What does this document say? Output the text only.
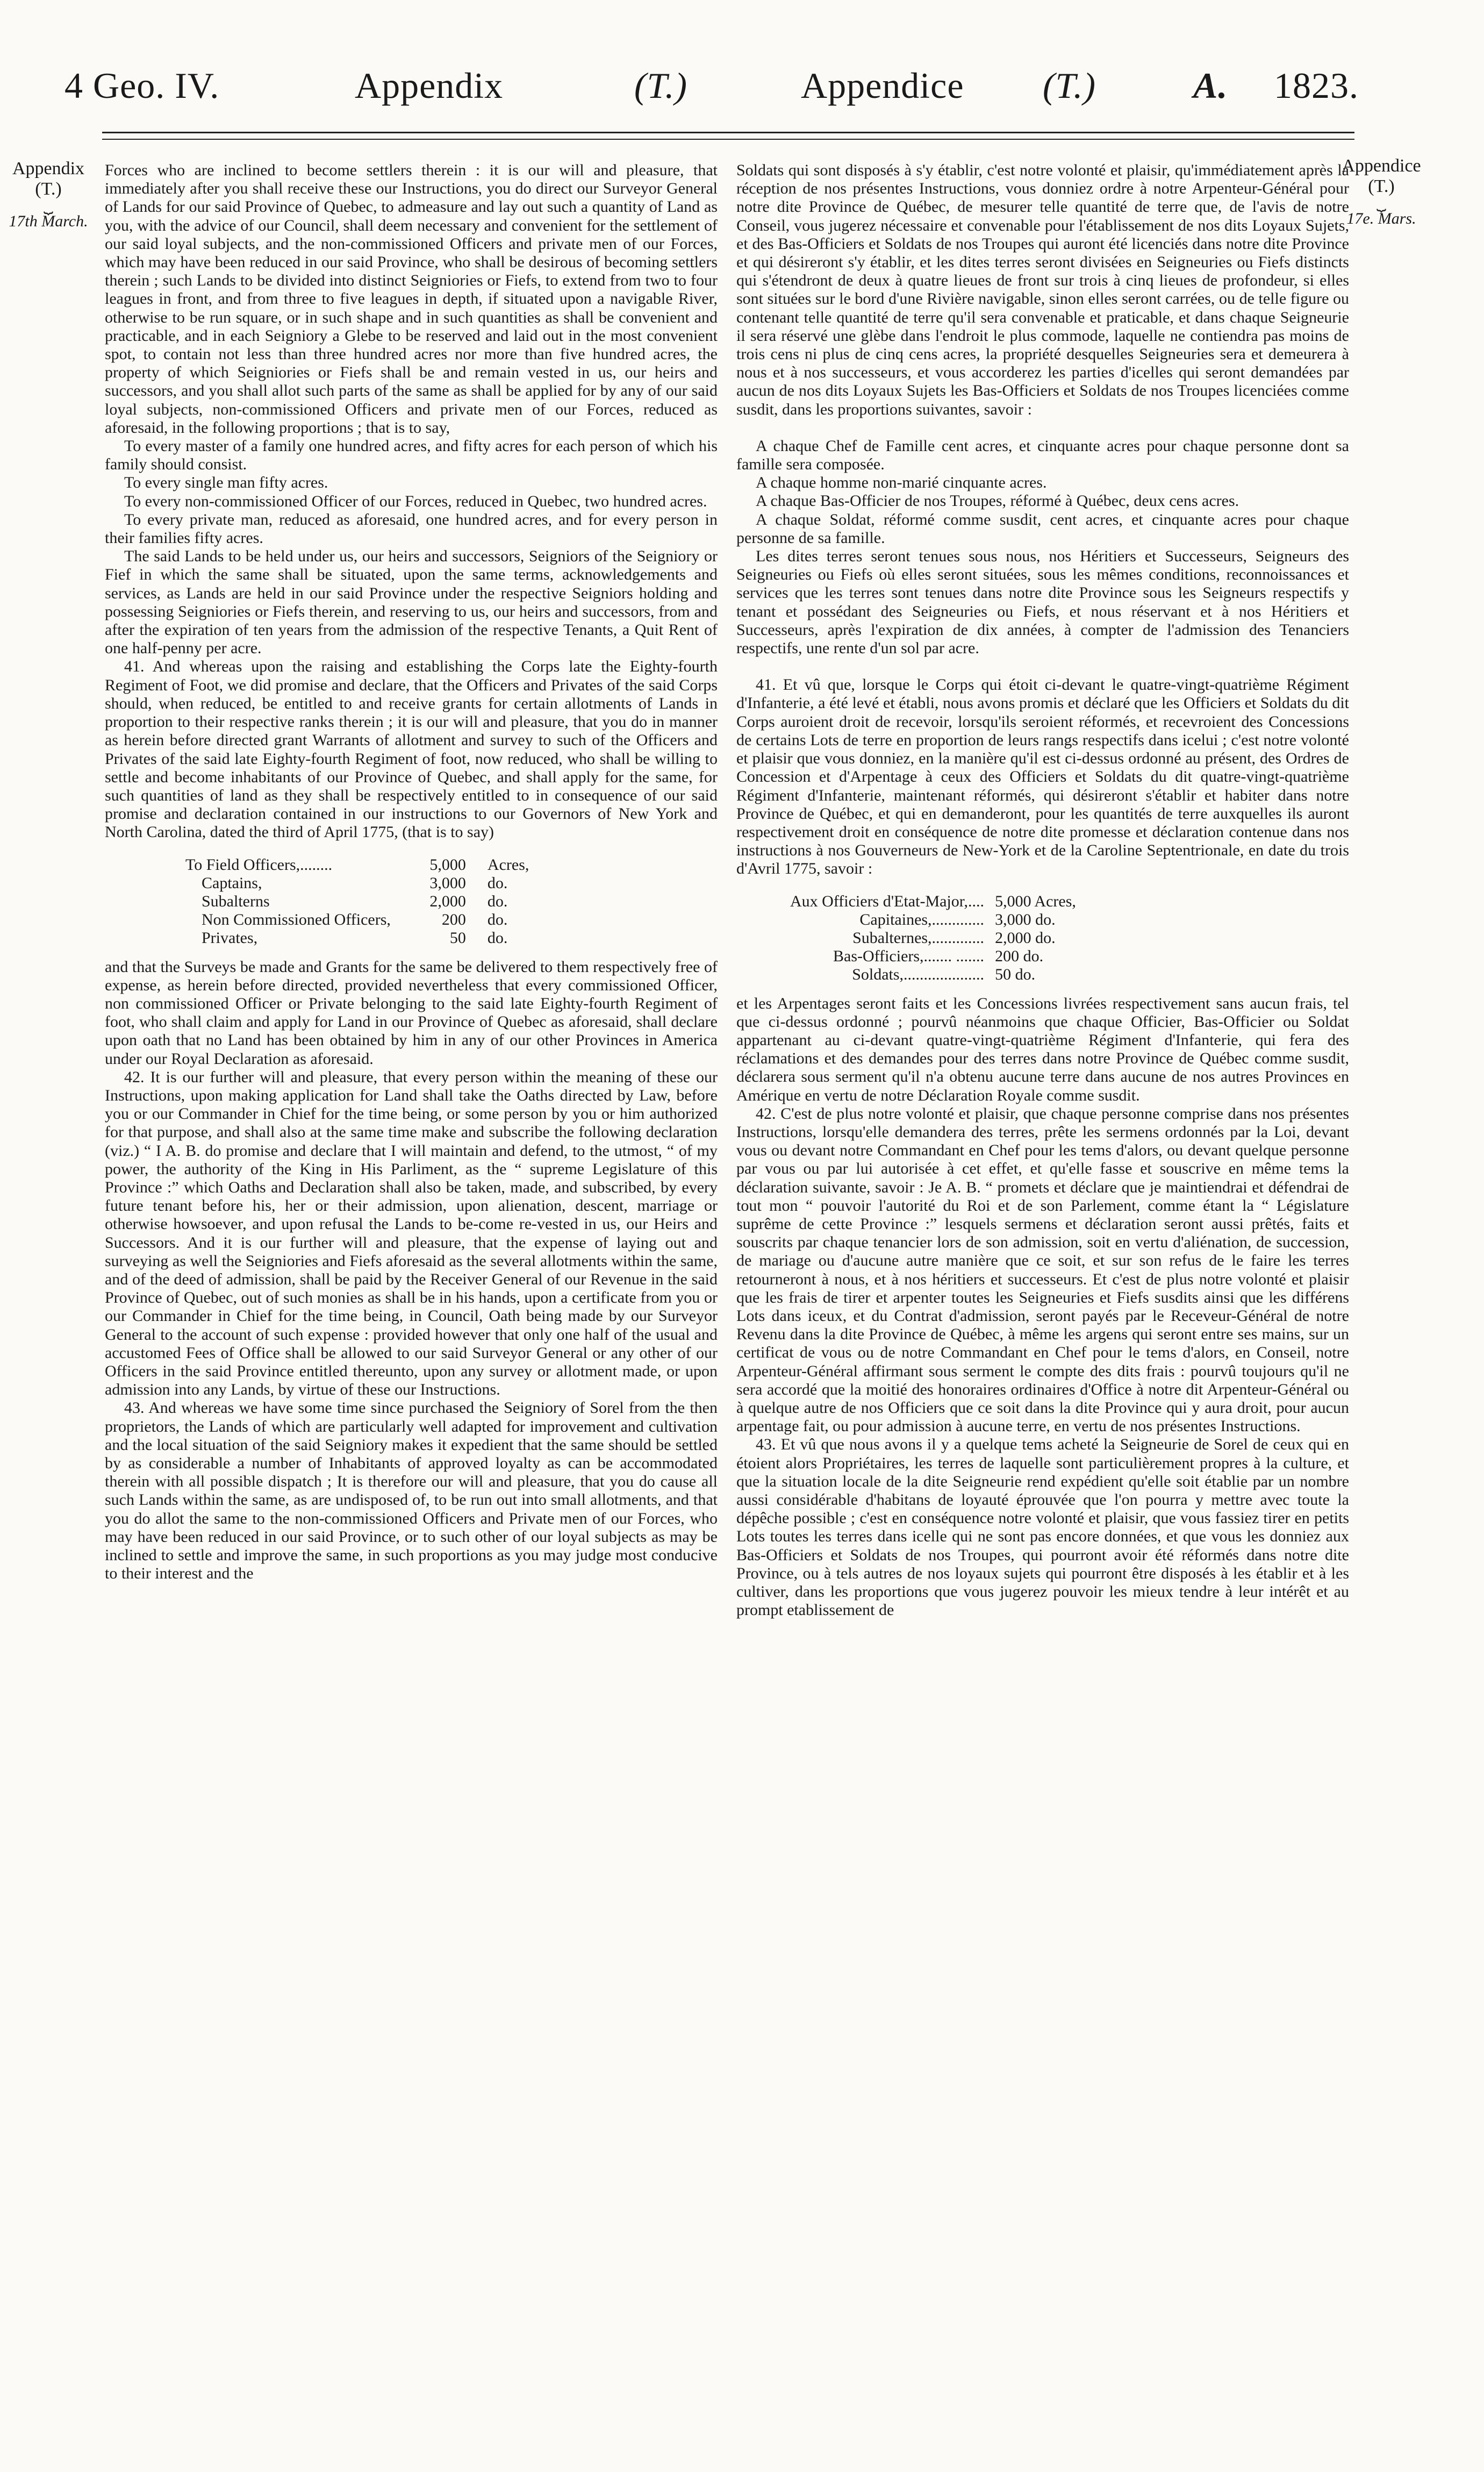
4 Geo. IV.	Appendix	(T.)	Appendice (T.)	A. 1823.
Appendix
(T.)
⏟
17th March.
Appendice
(T.)
⏟
17e. Mars.

Forces who are inclined to become settlers therein : it is our will and pleasure, that immediately after you shall receive these our Instructions, you do direct our Surveyor General of Lands for our said Province of Quebec, to admeasure and lay out such a quantity of Land as you, with the advice of our Council, shall deem necessary and convenient for the settlement of our said loyal subjects, and the non-commissioned Officers and private men of our Forces, which may have been reduced in our said Province, who shall be desirous of becoming settlers therein ; such Lands to be divided into distinct Seigniories or Fiefs, to extend from two to four leagues in front, and from three to five leagues in depth, if situated upon a navigable River, otherwise to be run square, or in such shape and in such quantities as shall be convenient and practicable, and in each Seigniory a Glebe to be reserved and laid out in the most convenient spot, to contain not less than three hundred acres nor more than five hundred acres, the property of which Seigniories or Fiefs shall be and remain vested in us, our heirs and successors, and you shall allot such parts of the same as shall be applied for by any of our said loyal subjects, non-commissioned Officers and private men of our Forces, reduced as aforesaid, in the following proportions ; that is to say,

To every master of a family one hundred acres, and fifty acres for each person of which his family should consist.

To every single man fifty acres.

To every non-commissioned Officer of our Forces, reduced in Quebec, two hundred acres.

To every private man, reduced as aforesaid, one hundred acres, and for every person in their families fifty acres.

The said Lands to be held under us, our heirs and successors, Seigniors of the Seigniory or Fief in which the same shall be situated, upon the same terms, acknowledgements and services, as Lands are held in our said Province under the respective Seigniors holding and possessing Seigniories or Fiefs therein, and reserving to us, our heirs and successors, from and after the expiration of ten years from the admission of the respective Tenants, a Quit Rent of one half-penny per acre.

41. And whereas upon the raising and establishing the Corps late the Eighty-fourth Regiment of Foot, we did promise and declare, that the Officers and Privates of the said Corps should, when reduced, be entitled to and receive grants for certain allotments of Lands in proportion to their respective ranks therein ; it is our will and pleasure, that you do in manner as herein before directed grant Warrants of allotment and survey to such of the Officers and Privates of the said late Eighty-fourth Regiment of foot, now reduced, who shall be willing to settle and become inhabitants of our Province of Quebec, and shall apply for the same, for such quantities of land as they shall be respectively entitled to in consequence of our said promise and declaration contained in our instructions to our Governors of New York and North Carolina, dated the third of April 1775, (that is to say)

To Field Officers,........	5,000	Acres,
Captains,	3,000	do.
Subalterns	2,000	do.
Non Commissioned Officers,	200	do.
Privates,	50	do.

and that the Surveys be made and Grants for the same be delivered to them respectively free of expense, as herein before directed, provided nevertheless that every commissioned Officer, non commissioned Officer or Private belonging to the said late Eighty-fourth Regiment of foot, who shall claim and apply for Land in our Province of Quebec as aforesaid, shall declare upon oath that no Land has been obtained by him in any of our other Provinces in America under our Royal Declaration as aforesaid.

42. It is our further will and pleasure, that every person within the meaning of these our Instructions, upon making application for Land shall take the Oaths directed by Law, before you or our Commander in Chief for the time being, or some person by you or him authorized for that purpose, and shall also at the same time make and subscribe the following declaration (viz.) “ I A. B. do promise and declare that I will maintain and defend, to the utmost, “ of my power, the authority of the King in His Parliment, as the “ supreme Legislature of this Province :” which Oaths and Declaration shall also be taken, made, and subscribed, by every future tenant before his, her or their admission, upon alienation, descent, marriage or otherwise howsoever, and upon refusal the Lands to be-come re-vested in us, our Heirs and Successors. And it is our further will and pleasure, that the expense of laying out and surveying as well the Seigniories and Fiefs aforesaid as the several allotments within the same, and of the deed of admission, shall be paid by the Receiver General of our Revenue in the said Province of Quebec, out of such monies as shall be in his hands, upon a certificate from you or our Commander in Chief for the time being, in Council, Oath being made by our Surveyor General to the account of such expense : provided however that only one half of the usual and accustomed Fees of Office shall be allowed to our said Surveyor General or any other of our Officers in the said Province entitled thereunto, upon any survey or allotment made, or upon admission into any Lands, by virtue of these our Instructions.

43. And whereas we have some time since purchased the Seigniory of Sorel from the then proprietors, the Lands of which are particularly well adapted for improvement and cultivation and the local situation of the said Seigniory makes it expedient that the same should be settled by as considerable a number of Inhabitants of approved loyalty as can be accommodated therein with all possible dispatch ; It is therefore our will and pleasure, that you do cause all such Lands within the same, as are undisposed of, to be run out into small allotments, and that you do allot the same to the non-commissioned Officers and Private men of our Forces, who may have been reduced in our said Province, or to such other of our loyal subjects as may be inclined to settle and improve the same, in such proportions as you may judge most conducive to their interest and the

Soldats qui sont disposés à s'y établir, c'est notre volonté et plaisir, qu'immédiatement après la réception de nos présentes Instructions, vous donniez ordre à notre Arpenteur-Général pour notre dite Province de Québec, de mesurer telle quantité de terre que, de l'avis de notre Conseil, vous jugerez nécessaire et convenable pour l'établissement de nos dits Loyaux Sujets, et des Bas-Officiers et Soldats de nos Troupes qui auront été licenciés dans notre dite Province et qui désireront s'y établir, et les dites terres seront divisées en Seigneuries ou Fiefs distincts qui s'étendront de deux à quatre lieues de front sur trois à cinq lieues de profondeur, si elles sont situées sur le bord d'une Rivière navigable, sinon elles seront carrées, ou de telle figure ou contenant telle quantité de terre qu'il sera convenable et praticable, et dans chaque Seigneurie il sera réservé une glèbe dans l'endroit le plus commode, laquelle ne contiendra pas moins de trois cens ni plus de cinq cens acres, la propriété desquelles Seigneuries sera et demeurera à nous et à nos successeurs, et vous accorderez les parties d'icelles qui seront demandées par aucun de nos dits Loyaux Sujets les Bas-Officiers et Soldats de nos Troupes licenciées comme susdit, dans les proportions suivantes, savoir :

A chaque Chef de Famille cent acres, et cinquante acres pour chaque personne dont sa famille sera composée.

A chaque homme non-marié cinquante acres.

A chaque Bas-Officier de nos Troupes, réformé à Québec, deux cens acres.

A chaque Soldat, réformé comme susdit, cent acres, et cinquante acres pour chaque personne de sa famille.

Les dites terres seront tenues sous nous, nos Héritiers et Successeurs, Seigneurs des Seigneuries ou Fiefs où elles seront situées, sous les mêmes conditions, reconnoissances et services que les terres sont tenues dans notre dite Province sous les Seigneurs respectifs y tenant et possédant des Seigneuries ou Fiefs, et nous réservant et à nos Héritiers et Successeurs, après l'expiration de dix années, à compter de l'admission des Tenanciers respectifs, une rente d'un sol par acre.

41. Et vû que, lorsque le Corps qui étoit ci-devant le quatre-vingt-quatrième Régiment d'Infanterie, a été levé et établi, nous avons promis et déclaré que les Officiers et Soldats du dit Corps auroient droit de recevoir, lorsqu'ils seroient réformés, et recevroient des Concessions de certains Lots de terre en proportion de leurs rangs respectifs dans icelui ; c'est notre volonté et plaisir que vous donniez, en la manière qu'il est ci-dessus ordonné au présent, des Ordres de Concession et d'Arpentage à ceux des Officiers et Soldats du dit quatre-vingt-quatrième Régiment d'Infanterie, maintenant réformés, qui désireront s'établir et habiter dans notre Province de Québec, et qui en demanderont, pour les quantités de terre auxquelles ils auront respectivement droit en conséquence de notre dite promesse et déclaration contenue dans nos instructions à nos Gouverneurs de New-York et de la Caroline Septentrionale, en date du trois d'Avril 1775, savoir :

Aux Officiers d'Etat-Major,....	5,000 Acres,
Capitaines,.............	3,000 do.
Subalternes,.............	2,000 do.
Bas-Officiers,....... .......	200 do.
Soldats,....................	50 do.

et les Arpentages seront faits et les Concessions livrées respectivement sans aucun frais, tel que ci-dessus ordonné ; pourvû néanmoins que chaque Officier, Bas-Officier ou Soldat appartenant au ci-devant quatre-vingt-quatrième Régiment d'Infanterie, qui fera des réclamations et des demandes pour des terres dans notre Province de Québec comme susdit, déclarera sous serment qu'il n'a obtenu aucune terre dans aucune de nos autres Provinces en Amérique en vertu de notre Déclaration Royale comme susdit.

42. C'est de plus notre volonté et plaisir, que chaque personne comprise dans nos présentes Instructions, lorsqu'elle demandera des terres, prête les sermens ordonnés par la Loi, devant vous ou devant notre Commandant en Chef pour les tems d'alors, ou devant quelque personne par vous ou par lui autorisée à cet effet, et qu'elle fasse et souscrive en même tems la déclaration suivante, savoir : Je A. B. “ promets et déclare que je maintiendrai et défendrai de tout mon “ pouvoir l'autorité du Roi et de son Parlement, comme étant la “ Législature suprême de cette Province :” lesquels sermens et déclaration seront aussi prêtés, faits et souscrits par chaque tenancier lors de son admission, soit en vertu d'aliénation, de succession, de mariage ou d'aucune autre manière que ce soit, et sur son refus de le faire les terres retourneront à nous, et à nos héritiers et successeurs. Et c'est de plus notre volonté et plaisir que les frais de tirer et arpenter toutes les Seigneuries et Fiefs susdits ainsi que les différens Lots dans iceux, et du Contrat d'admission, seront payés par le Receveur-Général de notre Revenu dans la dite Province de Québec, à même les argens qui seront entre ses mains, sur un certificat de vous ou de notre Commandant en Chef pour le tems d'alors, en Conseil, notre Arpenteur-Général affirmant sous serment le compte des dits frais : pourvû toujours qu'il ne sera accordé que la moitié des honoraires ordinaires d'Office à notre dit Arpenteur-Général ou à quelque autre de nos Officiers que ce soit dans la dite Province qui y aura droit, pour aucun arpentage fait, ou pour admission à aucune terre, en vertu de nos présentes Instructions.

43. Et vû que nous avons il y a quelque tems acheté la Seigneurie de Sorel de ceux qui en étoient alors Propriétaires, les terres de laquelle sont particulièrement propres à la culture, et que la situation locale de la dite Seigneurie rend expédient qu'elle soit établie par un nombre aussi considérable d'habitans de loyauté éprouvée que l'on pourra y mettre avec toute la dépêche possible ; c'est en conséquence notre volonté et plaisir, que vous fassiez tirer en petits Lots toutes les terres dans icelle qui ne sont pas encore données, et que vous les donniez aux Bas-Officiers et Soldats de nos Troupes, qui pourront avoir été réformés dans notre dite Province, ou à tels autres de nos loyaux sujets qui pourront être disposés à les établir et à les cultiver, dans les proportions que vous jugerez pouvoir les mieux tendre à leur intérêt et au prompt etablissement de
